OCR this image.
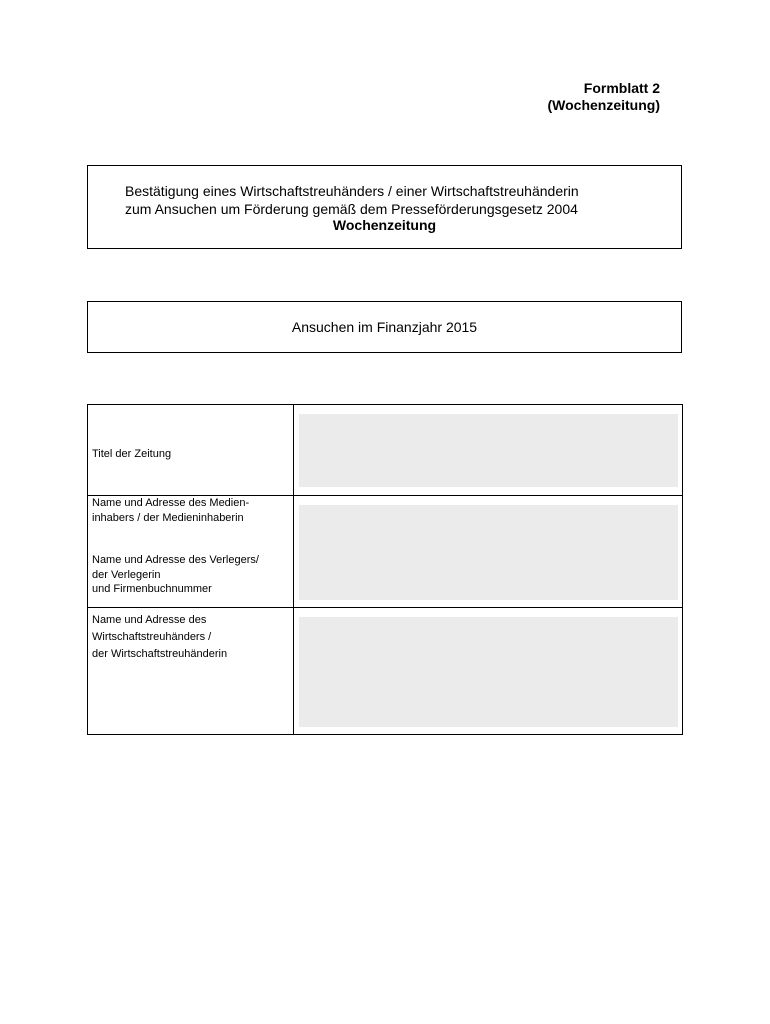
Formblatt 2
(Wochenzeitung)
Bestätigung eines Wirtschaftstreuhänders / einer Wirtschaftstreuhänderin
zum Ansuchen um Förderung gemäß dem Presseförderungsgesetz 2004
Wochenzeitung
Ansuchen im Finanzjahr 2015
Titel der Zeitung
Name und Adresse des Medien-
inhabers / der Medieninhaberin
Name und Adresse des Verlegers/
der Verlegerin
und Firmenbuchnummer
Name und Adresse des
Wirtschaftstreuhänders /
der Wirtschaftstreuhänderin
